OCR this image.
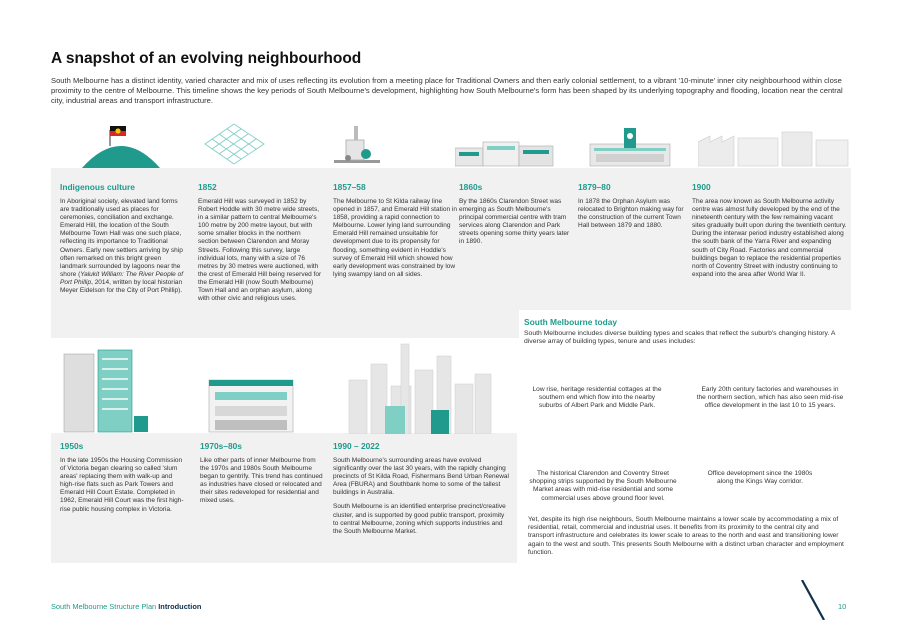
A snapshot of an evolving neighbourhood

South Melbourne has a distinct identity, varied character and mix of uses reflecting its evolution from a meeting place for Traditional Owners and then early colonial settlement, to a vibrant '10-minute' inner city neighbourhood within close proximity to the centre of Melbourne. This timeline shows the key periods of South Melbourne's development, highlighting how South Melbourne's form has been shaped by its underlying topography and flooding, location near the central city, industrial areas and transport infrastructure.

Indigenous culture

In Aboriginal society, elevated land forms are traditionally used as places for ceremonies, conciliation and exchange. Emerald Hill, the location of the South Melbourne Town Hall was one such place, reflecting its importance to Traditional Owners. Early new settlers arriving by ship often remarked on this bright green landmark surrounded by lagoons near the shore (Yalukit William: The River People of Port Phillip, 2014, written by local historian Meyer Eidelson for the City of Port Phillip).

1852

Emerald Hill was surveyed in 1852 by Robert Hoddle with 30 metre wide streets, in a similar pattern to central Melbourne's 100 metre by 200 metre layout, but with some smaller blocks in the northern section between Clarendon and Moray Streets. Following this survey, large individual lots, many with a size of 76 metres by 30 metres were auctioned, with the crest of Emerald Hill being reserved for the Emerald Hill (now South Melbourne) Town Hall and an orphan asylum, along with other civic and religious uses.

1857–58

The Melbourne to St Kilda railway line opened in 1857, and Emerald Hill station in 1858, providing a rapid connection to Melbourne. Lower lying land surrounding Emerald Hill remained unsuitable for development due to its propensity for flooding, something evident in Hoddle's survey of Emerald Hill which showed how early development was constrained by low lying swampy land on all sides.

1860s

By the 1860s Clarendon Street was emerging as South Melbourne's principal commercial centre with tram services along Clarendon and Park streets opening some thirty years later in 1890.

1879–80

In 1878 the Orphan Asylum was relocated to Brighton making way for the construction of the current Town Hall between 1879 and 1880.

1900

The area now known as South Melbourne activity centre was almost fully developed by the end of the nineteenth century with the few remaining vacant sites gradually built upon during the twentieth century. During the interwar period industry established along the south bank of the Yarra River and expanding south of City Road. Factories and commercial buildings began to replace the residential properties north of Coventry Street with industry continuing to expand into the area after World War II.

1950s

In the late 1950s the Housing Commission of Victoria began clearing so called 'slum areas' replacing them with walk-up and high-rise flats such as Park Towers and Emerald Hill Court Estate. Completed in 1962, Emerald Hill Court was the first high-rise public housing complex in Victoria.

1970s–80s

Like other parts of inner Melbourne from the 1970s and 1980s South Melbourne began to gentrify. This trend has continued as industries have closed or relocated and their sites redeveloped for residential and mixed uses.

1990 – 2022

South Melbourne's surrounding areas have evolved significantly over the last 30 years, with the rapidly changing precincts of St Kilda Road, Fishermans Bend Urban Renewal Area (FBURA) and Southbank home to some of the tallest buildings in Australia.

South Melbourne is an identified enterprise precinct/creative cluster, and is supported by good public transport, proximity to central Melbourne, zoning which supports industries and the South Melbourne Market.

South Melbourne today

South Melbourne includes diverse building types and scales that reflect the suburb's changing history. A diverse array of building types, tenure and uses includes:

Low rise, heritage residential cottages at the southern end which flow into the nearby suburbs of Albert Park and Middle Park.

Early 20th century factories and warehouses in the northern section, which has also seen mid-rise office development in the last 10 to 15 years.

The historical Clarendon and Coventry Street shopping strips supported by the South Melbourne Market areas with mid-rise residential and some commercial uses above ground floor level.

Office development since the 1980s along the Kings Way corridor.

Yet, despite its high rise neighbours, South Melbourne maintains a lower scale by accommodating a mix of residential, retail, commercial and industrial uses. It benefits from its proximity to the central city and transport infrastructure and celebrates its lower scale to areas to the north and east and transitioning lower again to the west and south. This presents South Melbourne with a distinct urban character and employment function.

South Melbourne Structure Plan Introduction	10
